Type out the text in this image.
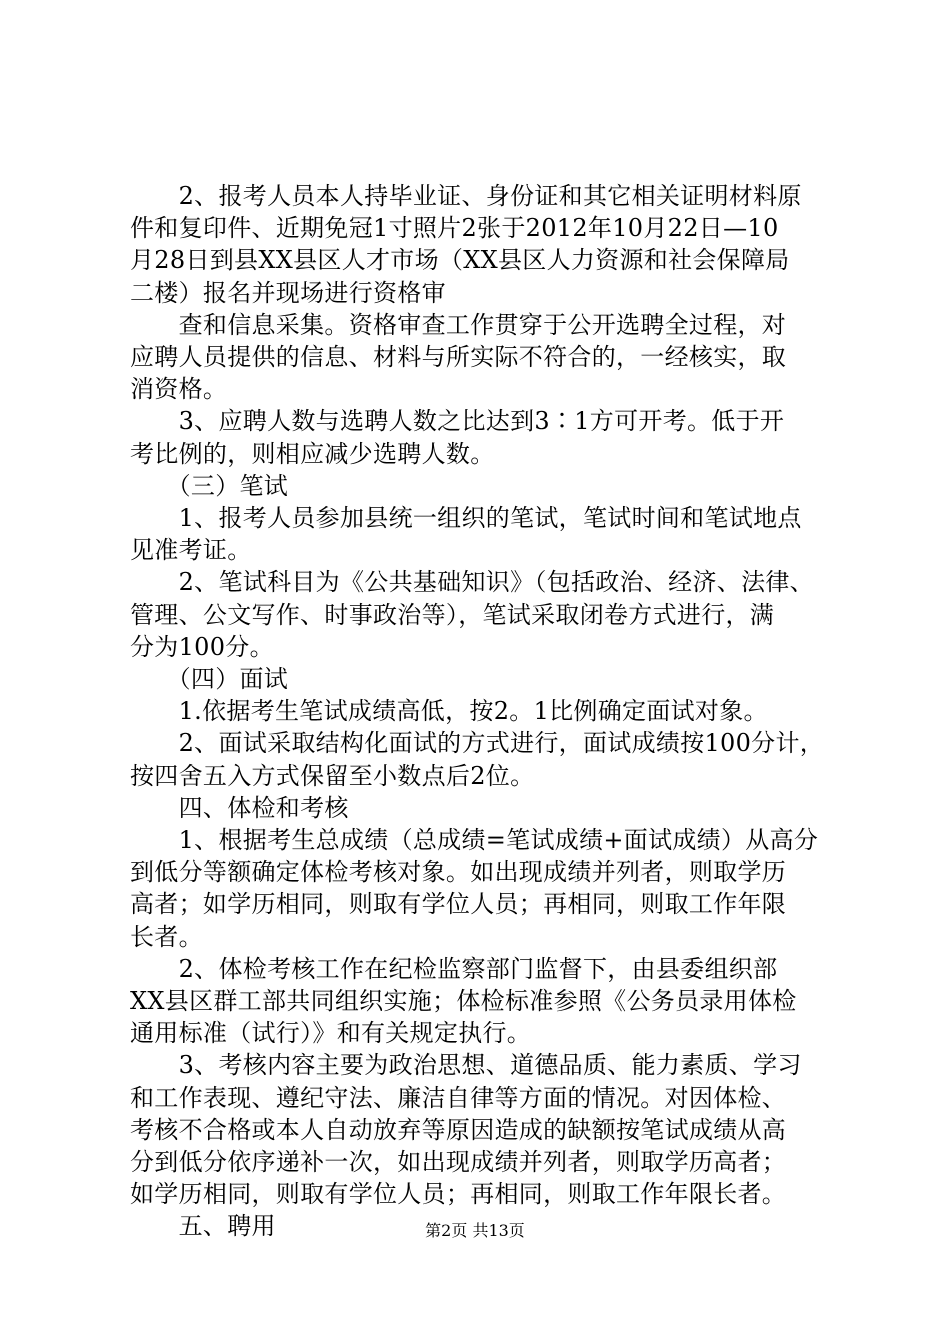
　　2、报考人员本人持毕业证、身份证和其它相关证明材料原
件和复印件、近期免冠1寸照片2张于2012年10月22日—10
月28日到县XX县区人才市场（XX县区人力资源和社会保障局
二楼）报名并现场进行资格审
　　查和信息采集。资格审查工作贯穿于公开选聘全过程，对
应聘人员提供的信息、材料与所实际不符合的，一经核实，取
消资格。
　　3、应聘人数与选聘人数之比达到3∶1方可开考。低于开
考比例的，则相应减少选聘人数。
　　（三）笔试
　　1、报考人员参加县统一组织的笔试，笔试时间和笔试地点
见准考证。
　　2、笔试科目为《公共基础知识》（包括政治、经济、法律、
管理、公文写作、时事政治等），笔试采取闭卷方式进行，满
分为100分。
　　（四）面试
　　1.依据考生笔试成绩高低，按2。1比例确定面试对象。
　　2、面试采取结构化面试的方式进行，面试成绩按100分计，
按四舍五入方式保留至小数点后2位。
　　四、体检和考核
　　1、根据考生总成绩（总成绩=笔试成绩+面试成绩）从高分
到低分等额确定体检考核对象。如出现成绩并列者，则取学历
高者；如学历相同，则取有学位人员；再相同，则取工作年限
长者。
　　2、体检考核工作在纪检监察部门监督下，由县委组织部
XX县区群工部共同组织实施；体检标准参照《公务员录用体检
通用标准（试行）》和有关规定执行。
　　3、考核内容主要为政治思想、道德品质、能力素质、学习
和工作表现、遵纪守法、廉洁自律等方面的情况。对因体检、
考核不合格或本人自动放弃等原因造成的缺额按笔试成绩从高
分到低分依序递补一次，如出现成绩并列者，则取学历高者；
如学历相同，则取有学位人员；再相同，则取工作年限长者。
　　五、聘用	第2页 共13页
